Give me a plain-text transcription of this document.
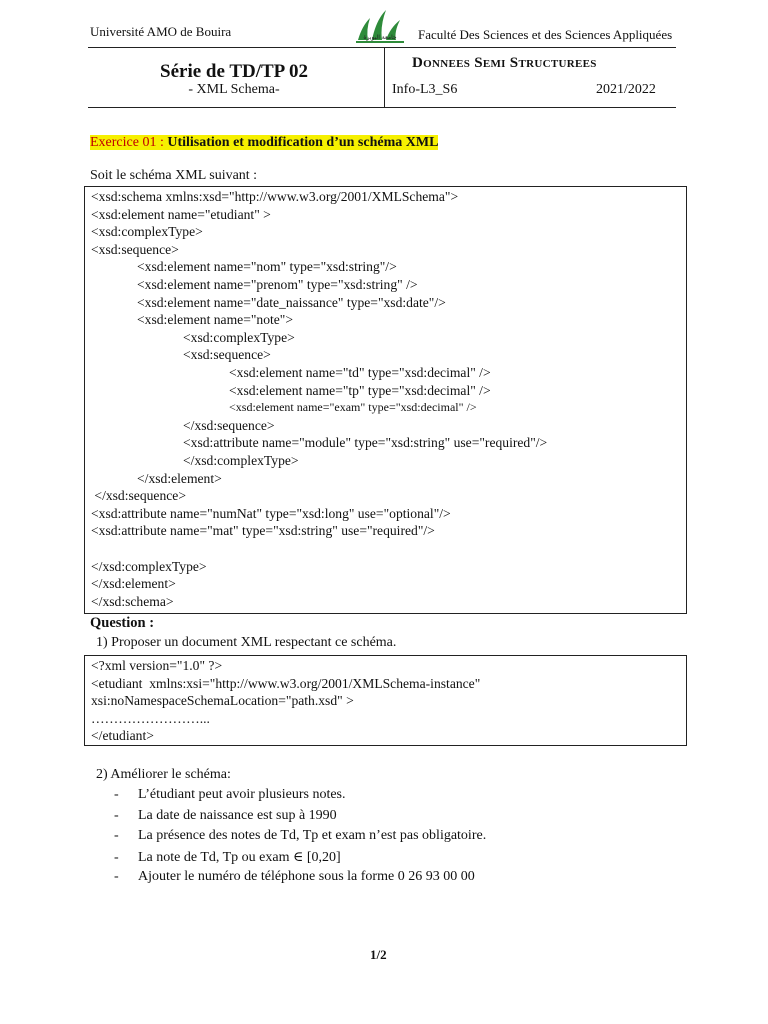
Université AMO de Bouira	جامعة البويرة Faculté Des Sciences et des Sciences Appliquées
Série de TD/TP 02
- XML Schema-
Donnees Semi Structurees
Info-L3_S6	2021/2022
Exercice 01 : Utilisation et modification d’un schéma XML
Soit le schéma XML suivant :
<xsd:schema xmlns:xsd="http://www.w3.org/2001/XMLSchema">
<xsd:element name="etudiant" >
<xsd:complexType>
<xsd:sequence>
<xsd:element name="nom" type="xsd:string"/>
<xsd:element name="prenom" type="xsd:string" />
<xsd:element name="date_naissance" type="xsd:date"/>
<xsd:element name="note">
<xsd:complexType>
<xsd:sequence>
<xsd:element name="td" type="xsd:decimal" />
<xsd:element name="tp" type="xsd:decimal" />
<xsd:element name="exam" type="xsd:decimal" />
</xsd:sequence>
<xsd:attribute name="module" type="xsd:string" use="required"/>
</xsd:complexType>
</xsd:element>
</xsd:sequence>
<xsd:attribute name="numNat" type="xsd:long" use="optional"/>
<xsd:attribute name="mat" type="xsd:string" use="required"/>
</xsd:complexType>
</xsd:element>
</xsd:schema>
Question :
1) Proposer un document XML respectant ce schéma.
<?xml version="1.0" ?>
<etudiant  xmlns:xsi="http://www.w3.org/2001/XMLSchema-instance"
xsi:noNamespaceSchemaLocation="path.xsd" >
……………………...
</etudiant>
2) Améliorer le schéma:
- L’étudiant peut avoir plusieurs notes.
- La date de naissance est sup à 1990
- La présence des notes de Td, Tp et exam n’est pas obligatoire.
- La note de Td, Tp ou exam ∈ [0,20]
- Ajouter le numéro de téléphone sous la forme 0 26 93 00 00
1/2
